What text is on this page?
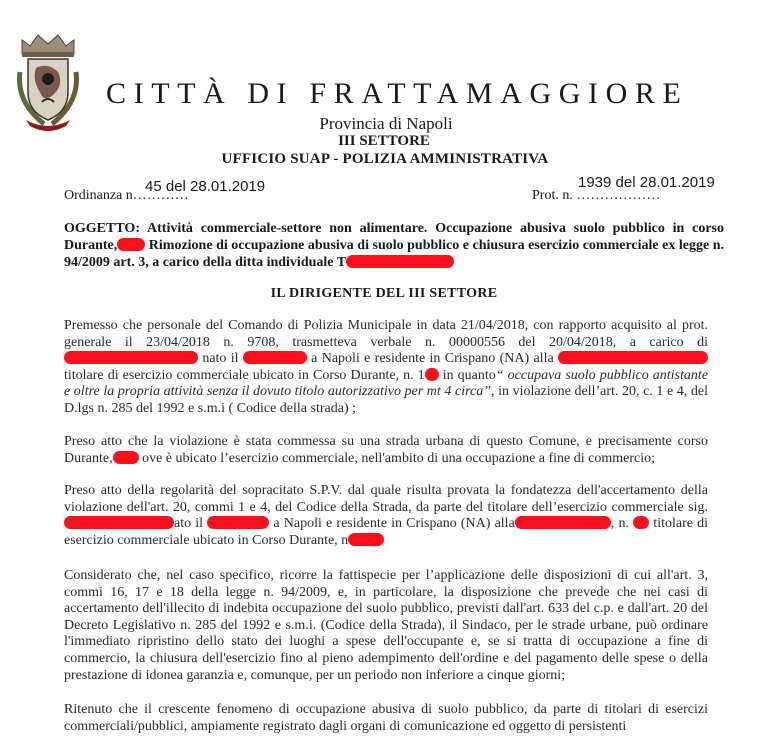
CITTÀ DI FRATTAMAGGIORE
Provincia di Napoli
III SETTORE
UFFICIO SUAP - POLIZIA AMMINISTRATIVA
Ordinanza n…………
45 del 28.01.2019
Prot. n. ………………
1939 del 28.01.2019
OGGETTO: Attività commerciale-settore non alimentare. Occupazione abusiva suolo pubblico in corso Durante, Rimozione di occupazione abusiva di suolo pubblico e chiusura esercizio commerciale ex legge n. 94/2009 art. 3, a carico della ditta individuale T
IL DIRIGENTE DEL III SETTORE
Premesso che personale del Comando di Polizia Municipale in data 21/04/2018, con rapporto acquisito al prot. generale il 23/04/2018 n. 9708, trasmetteva verbale n. 00000556 del 20/04/2018, a carico di  nato il	a Napoli e residente in Crispano (NA) alla  titolare di esercizio commerciale ubicato in Corso Durante, n. 1 in quanto“ occupava suolo pubblico antistante e oltre la propria attività senza il dovuto titolo autorizzativo per mt 4 circa”, in violazione dell’art. 20, c. 1 e 4, del D.lgs n. 285 del 1992 e s.m.i ( Codice della strada) ;
Preso atto che la violazione è stata commessa su una strada urbana di questo Comune, e precisamente corso Durante, ove è ubicato l’esercizio commerciale, nell'ambito di una occupazione a fine di commercio;
Preso atto della regolarità del sopracitato S.P.V. dal quale risulta provata la fondatezza dell'accertamento della violazione dell'art. 20, commi 1 e 4, del Codice della Strada, da parte del titolare dell’esercizio commerciale sig. ato il	a Napoli e residente in Crispano (NA) alla	, n.  titolare di esercizio commerciale ubicato in Corso Durante, n
Considerato che, nel caso specifico, ricorre la fattispecie per l’applicazione delle disposizioni di cui all'art. 3, commi 16, 17 e 18 della legge n. 94/2009, e, in particolare, la disposizione che prevede che nei casi di accertamento dell'illecito di indebita occupazione del suolo pubblico, previsti dall'art. 633 del c.p. e dall'art. 20 del Decreto Legislativo n. 285 del 1992 e s.m.i. (Codice della Strada), il Sindaco, per le strade urbane, può ordinare l'immediato ripristino dello stato dei luoghi a spese dell'occupante e, se si tratta di occupazione a fine di commercio, la chiusura dell'esercizio fino al pieno adempimento dell'ordine e del pagamento delle spese o della prestazione di idonea garanzia e, comunque, per un periodo non inferiore a cinque giorni;
Ritenuto che il crescente fenomeno di occupazione abusiva di suolo pubblico, da parte di titolari di esercizi commerciali/pubblici, ampiamente registrato dagli organi di comunicazione ed oggetto di persistenti
